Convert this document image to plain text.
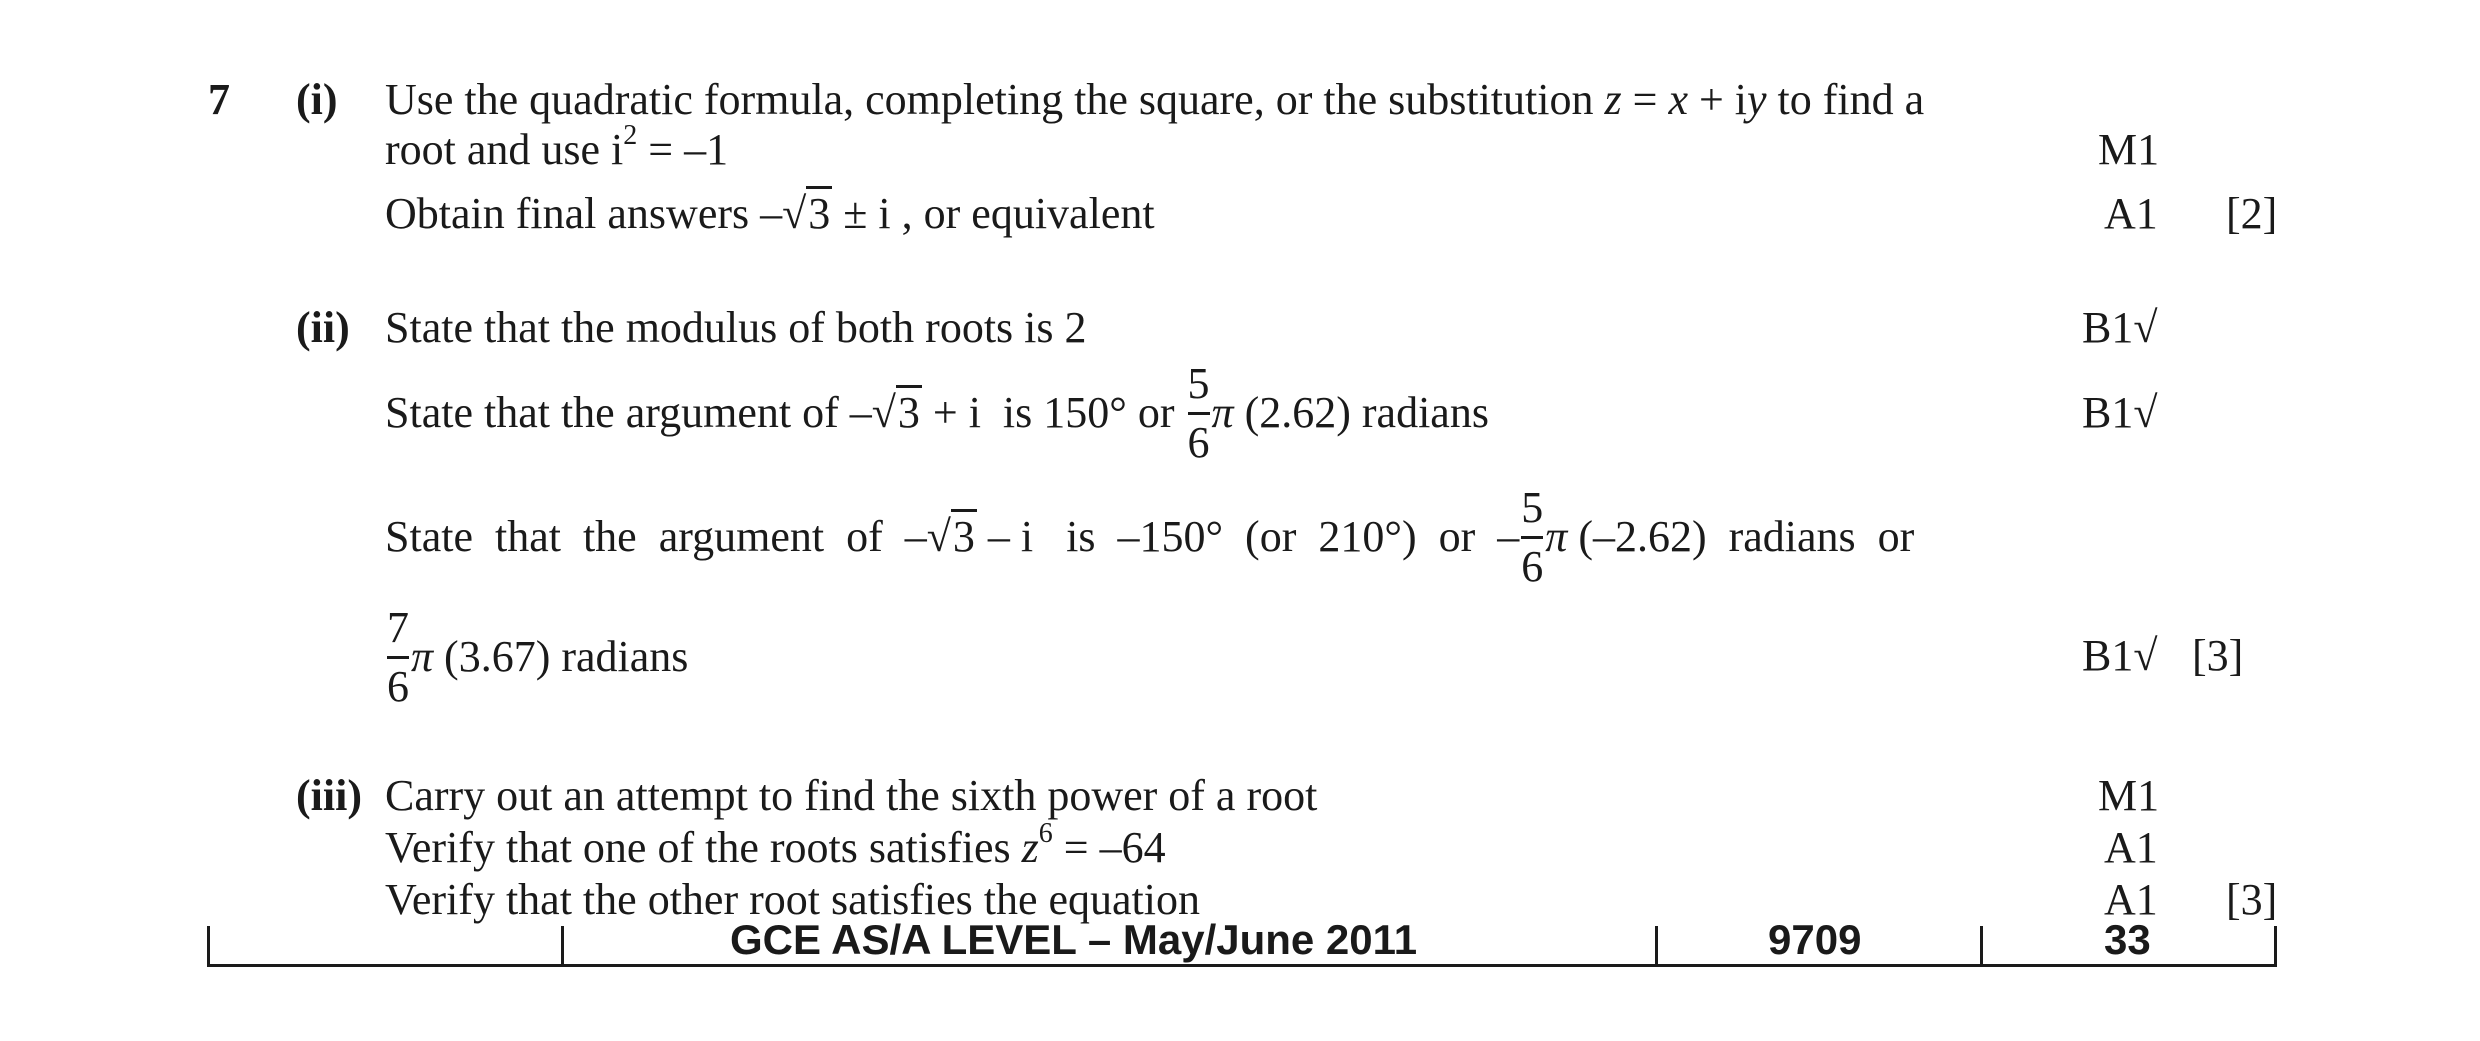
7 (i) Use the quadratic formula, completing the square, or the substitution z = x + iy to find a
root and use $i^2 = -1$	M1
Obtain final answers –√3 ± i , or equivalent	A1 [2]
(ii) State that the modulus of both roots is 2	B1√
State that the argument of – √3 + i  is 150° or $\frac{5}{6}$ π (2.62) radians	B1√
State  that  the  argument  of  – √3 – i   is  –150°  (or  210°)  or  – $\frac{5}{6}$ π (–2.62)  radians  or
$\frac{7}{6}$ π (3.67) radians	B1√ [3]
(iii) Carry out an attempt to find the sixth power of a root	M1
Verify that one of the roots satisfies $z^6 = -64$	A1
Verify that the other root satisfies the equation	A1 [3]
GCE AS/A LEVEL – May/June 2011	9709	33
